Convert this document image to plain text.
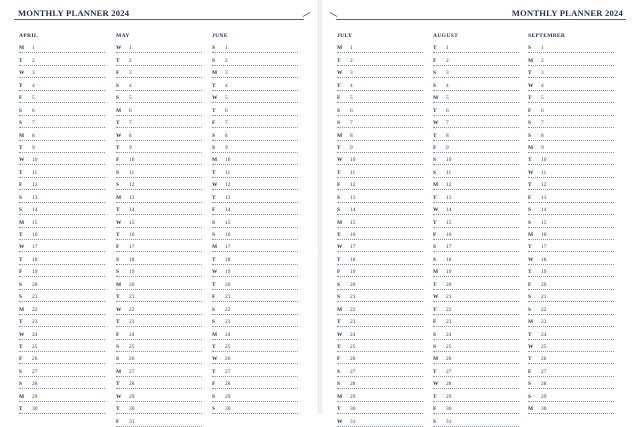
MONTHLY PLANNER 2024
APRIL
M 1
T 2
W 3
T 4
F 5
S 6
S 7
M 8
T 9
W 10
T 11
F 12
S 13
S 14
M 15
T 16
W 17
T 18
F 19
S 20
S 21
M 22
T 23
W 24
T 25
F 26
S 27
S 28
M 29
T 30
MAY
W 1
T 2
F 3
S 4
S 5
M 6
T 7
W 8
T 9
F 10
S 11
S 12
M 13
T 14
W 15
T 16
F 17
S 18
S 19
M 20
T 21
W 22
T 23
F 24
S 25
S 26
M 27
T 28
W 29
T 30
F 31
JUNE
S 1
S 2
M 3
T 4
W 5
T 6
F 7
S 8
S 9
M 10
T 11
W 12
T 13
F 14
S 15
S 16
M 17
T 18
W 19
T 20
F 21
S 22
S 23
M 24
T 25
W 26
T 27
F 28
S 29
S 30
MONTHLY PLANNER 2024
JULY
M 1
T 2
W 3
T 4
F 5
S 6
S 7
M 8
T 9
W 10
T 11
F 12
S 13
S 14
M 15
T 16
W 17
T 18
F 19
S 20
S 21
M 22
T 23
W 24
T 25
F 26
S 27
S 28
M 29
T 30
W 31
AUGUST
T 1
F 2
S 3
S 4
M 5
T 6
W 7
T 8
F 9
S 10
S 11
M 12
T 13
W 14
T 15
F 16
S 17
S 18
M 19
T 20
W 21
T 22
F 23
S 24
S 25
M 26
T 27
W 28
T 29
F 30
S 31
SEPTEMBER
S 1
M 2
T 3
W 4
T 5
F 6
S 7
S 8
M 9
T 10
W 11
T 12
F 13
S 14
S 15
M 16
T 17
W 18
T 19
F 20
S 21
S 22
M 23
T 24
W 25
T 26
F 27
S 28
S 29
M 30
